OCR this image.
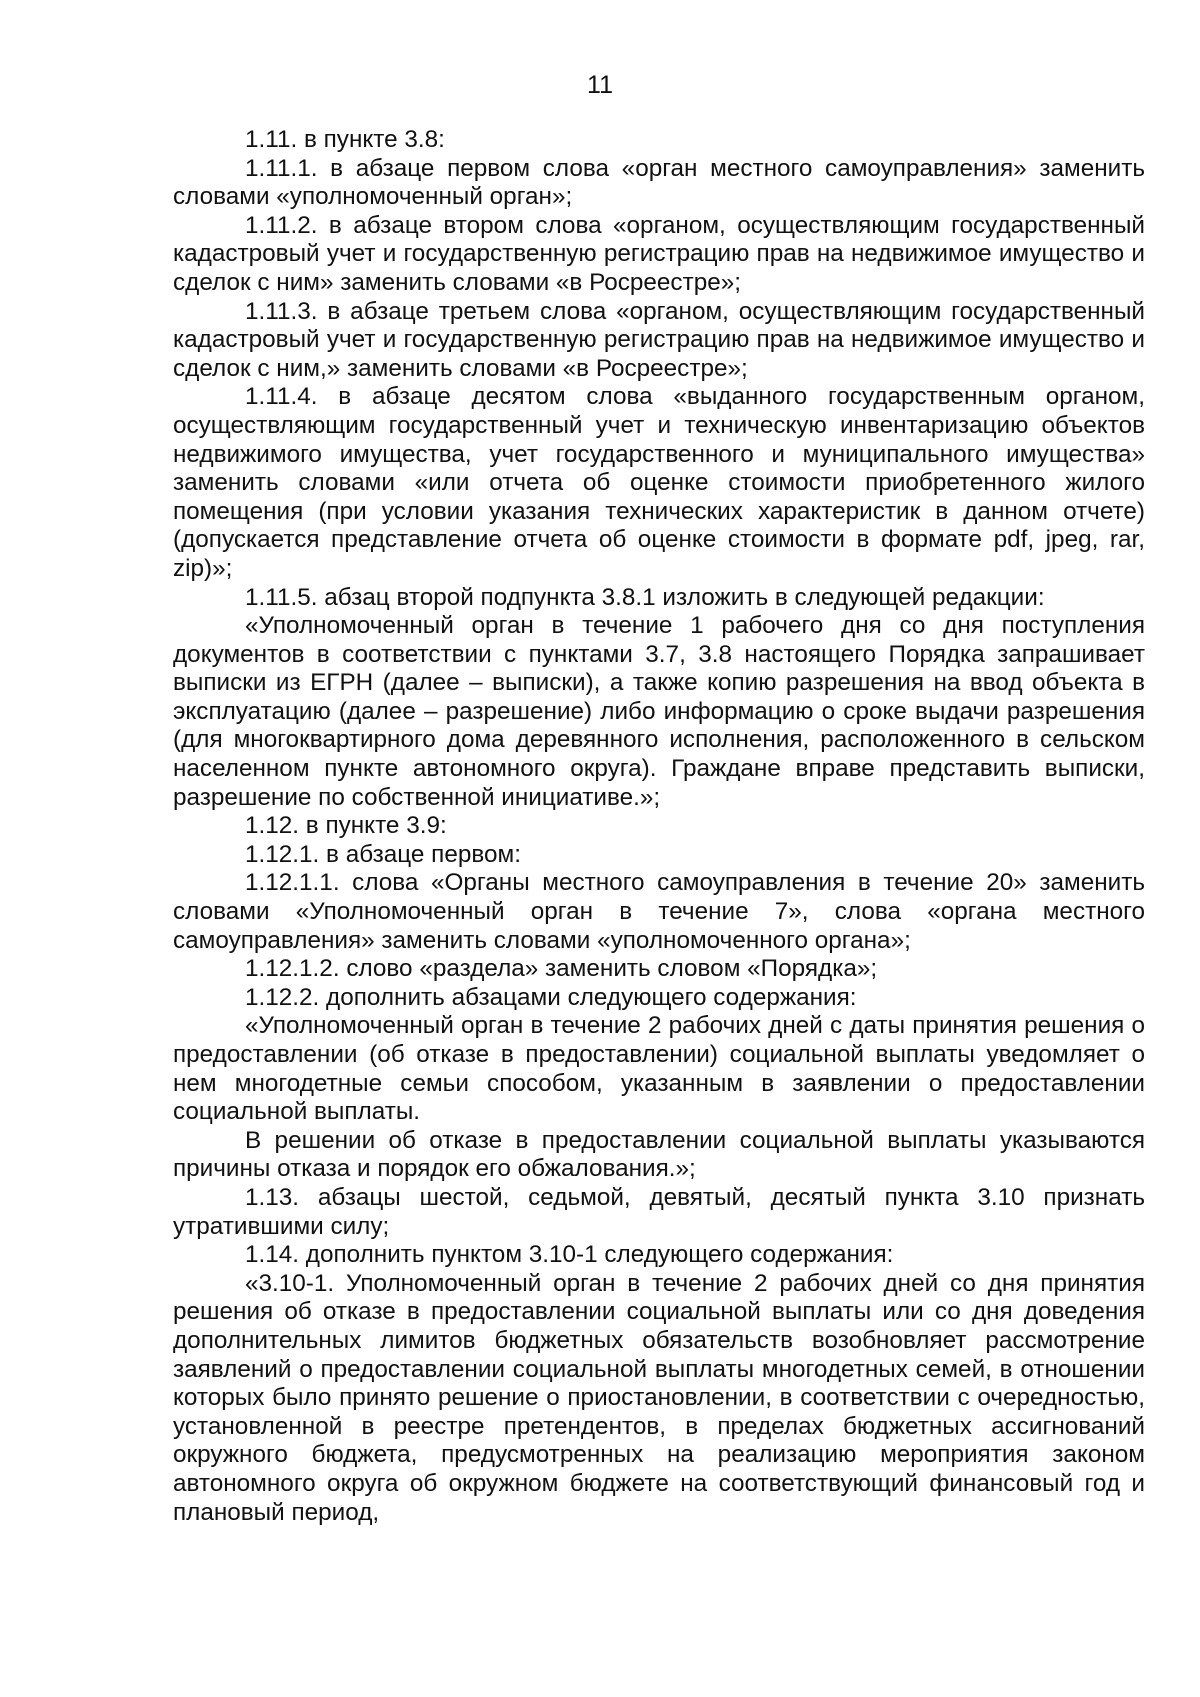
11

1.11. в пункте 3.8:

1.11.1. в абзаце первом слова «орган местного самоуправления» заменить словами «уполномоченный орган»;

1.11.2. в абзаце втором слова «органом, осуществляющим государственный кадастровый учет и государственную регистрацию прав на недвижимое имущество и сделок с ним» заменить словами «в Росреестре»;

1.11.3. в абзаце третьем слова «органом, осуществляющим государственный кадастровый учет и государственную регистрацию прав на недвижимое имущество и сделок с ним,» заменить словами «в Росреестре»;

1.11.4. в абзаце десятом слова «выданного государственным органом, осуществляющим государственный учет и техническую инвентаризацию объектов недвижимого имущества, учет государственного и муниципального имущества» заменить словами «или отчета об оценке стоимости приобретенного жилого помещения (при условии указания технических характеристик в данном отчете) (допускается представление отчета об оценке стоимости в формате pdf, jpeg, rar, zip)»;

1.11.5. абзац второй подпункта 3.8.1 изложить в следующей редакции:

«Уполномоченный орган в течение 1 рабочего дня со дня поступления документов в соответствии с пунктами 3.7, 3.8 настоящего Порядка запрашивает выписки из ЕГРН (далее – выписки), а также копию разрешения на ввод объекта в эксплуатацию (далее – разрешение) либо информацию о сроке выдачи разрешения (для многоквартирного дома деревянного исполнения, расположенного в сельском населенном пункте автономного округа). Граждане вправе представить выписки, разрешение по собственной инициативе.»;

1.12. в пункте 3.9:

1.12.1. в абзаце первом:

1.12.1.1. слова «Органы местного самоуправления в течение 20» заменить словами «Уполномоченный орган в течение 7», слова «органа местного самоуправления» заменить словами «уполномоченного органа»;

1.12.1.2. слово «раздела» заменить словом «Порядка»;

1.12.2. дополнить абзацами следующего содержания:

«Уполномоченный орган в течение 2 рабочих дней с даты принятия решения о предоставлении (об отказе в предоставлении) социальной выплаты уведомляет о нем многодетные семьи способом, указанным в заявлении о предоставлении социальной выплаты.

В решении об отказе в предоставлении социальной выплаты указываются причины отказа и порядок его обжалования.»;

1.13. абзацы шестой, седьмой, девятый, десятый пункта 3.10 признать утратившими силу;

1.14. дополнить пунктом 3.10-1 следующего содержания:

«3.10-1. Уполномоченный орган в течение 2 рабочих дней со дня принятия решения об отказе в предоставлении социальной выплаты или со дня доведения дополнительных лимитов бюджетных обязательств возобновляет рассмотрение заявлений о предоставлении социальной выплаты многодетных семей, в отношении которых было принято решение о приостановлении, в соответствии с очередностью, установленной в реестре претендентов, в пределах бюджетных ассигнований окружного бюджета, предусмотренных на реализацию мероприятия законом автономного округа об окружном бюджете на соответствующий финансовый год и плановый период,
